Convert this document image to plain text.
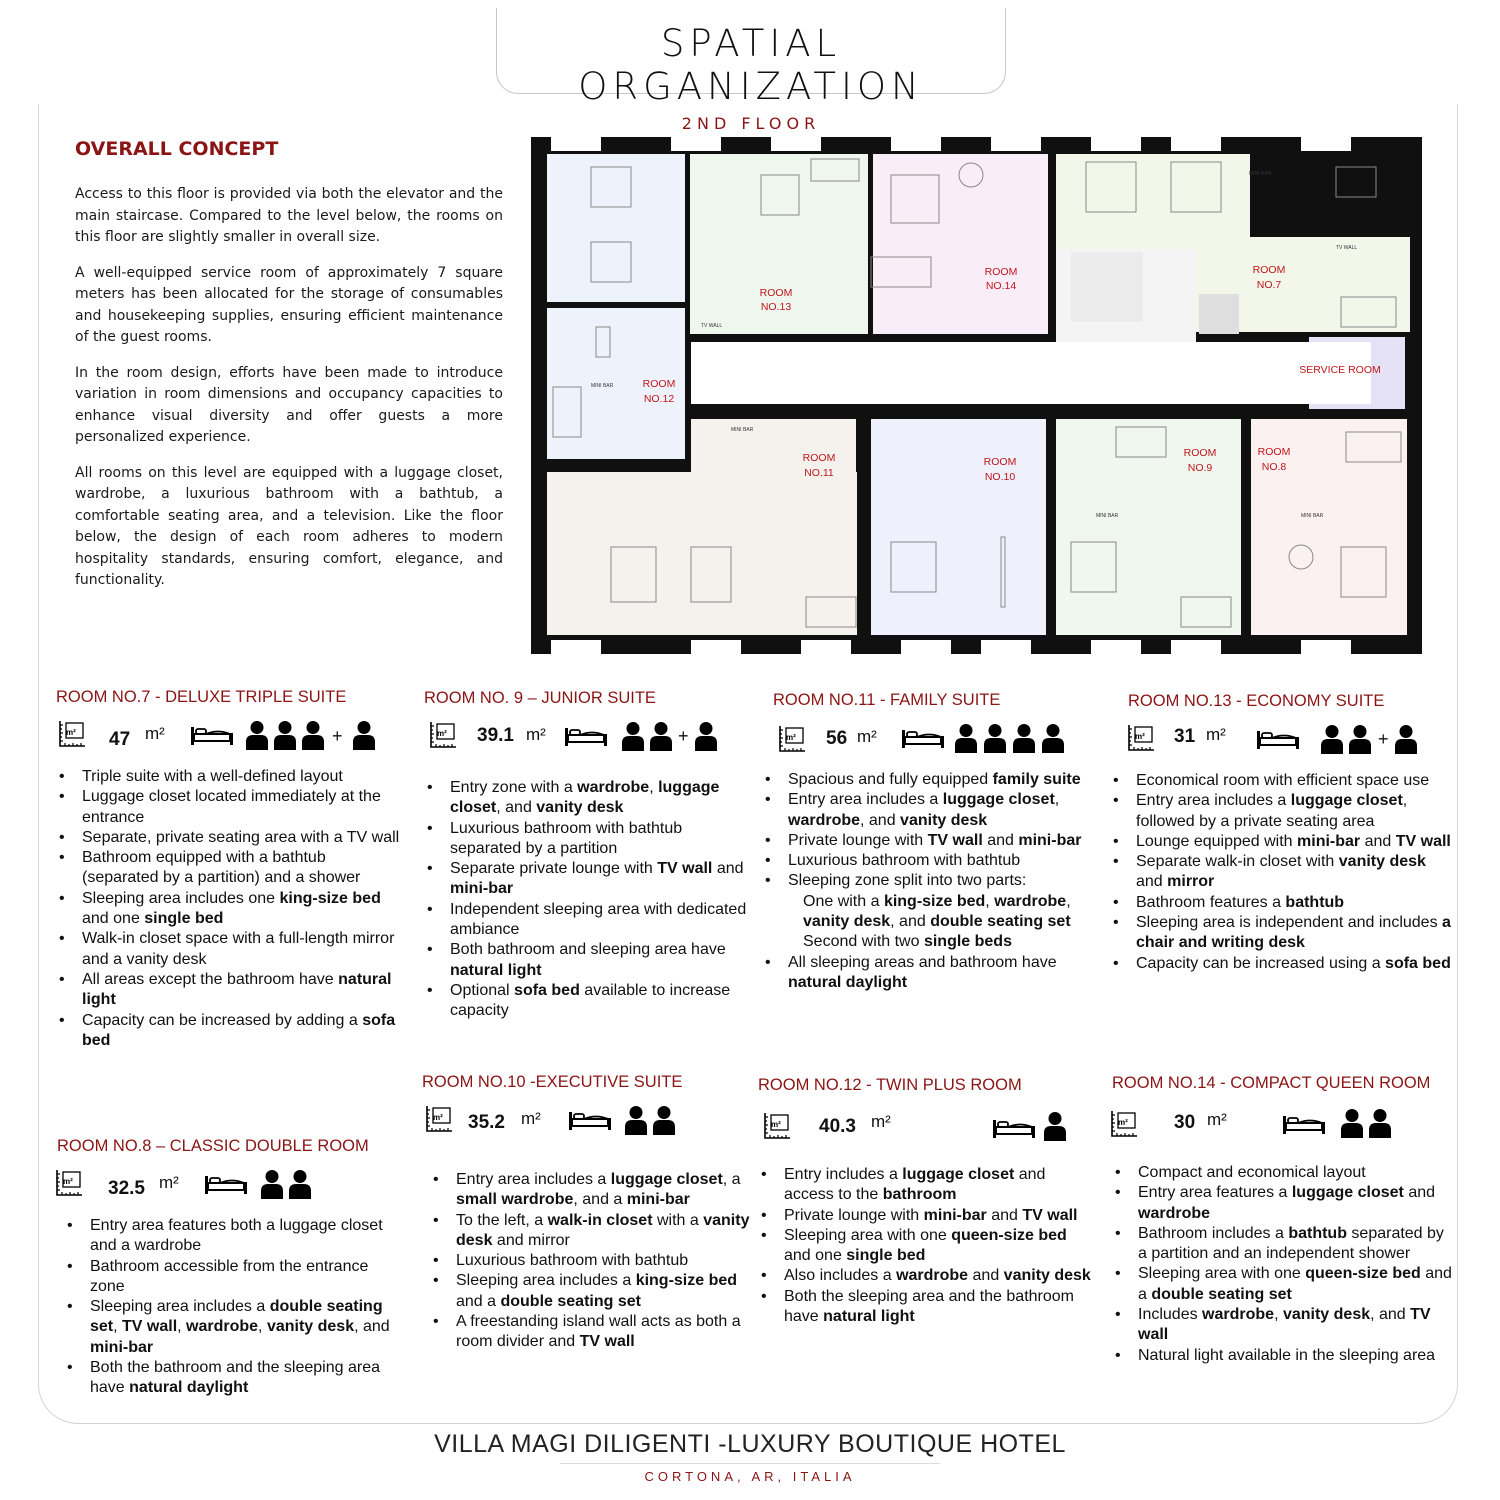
SPATIAL ORGANIZATION
2ND FLOOR
OVERALL CONCEPT

Access to this floor is provided via both the elevator and the main staircase. Compared to the level below, the rooms on this floor are slightly smaller in overall size.

A well-equipped service room of approximately 7 square meters has been allocated for the storage of consumables and housekeeping supplies, ensuring efficient maintenance of the guest rooms.

In the room design, efforts have been made to introduce variation in room dimensions and occupancy capacities to enhance visual diversity and offer guests a more personalized experience.

All rooms on this level are equipped with a luggage closet, wardrobe, a luxurious bathroom with a bathtub, a comfortable seating area, and a television. Like the floor below, the design of each room adheres to modern hospitality standards, ensuring comfort, elegance, and functionality.

ROOM
NO.13
ROOM
NO.14
ROOM
NO.7
ROOM
NO.12
ROOM
NO.11
ROOM
NO.10
ROOM
NO.9
ROOM
NO.8
SERVICE ROOM
MINI BAR
MINI BAR
MINI BAR	MINI BAR
MINI BAR
TV WALL
TV WALL
ROOM NO.7 - DELUXE TRIPLE SUITE
m² 47 m²	+
• Triple suite with a well-defined layout
• Luggage closet located immediately at the entrance
• Separate, private seating area with a TV wall
• Bathroom equipped with a bathtub (separated by a partition) and a shower
• Sleeping area includes one king-size bed and one single bed
• Walk-in closet space with a full-length mirror and a vanity desk
• All areas except the bathroom have natural light
• Capacity can be increased by adding a sofa bed
ROOM NO.8 – CLASSIC DOUBLE ROOM
m² 32.5 m²
• Entry area features both a luggage closet and a wardrobe
• Bathroom accessible from the entrance zone
• Sleeping area includes a double seating set, TV wall, wardrobe, vanity desk, and mini-bar
• Both the bathroom and the sleeping area have natural daylight
ROOM NO. 9 – JUNIOR SUITE
m² 39.1 m²	+
• Entry zone with a wardrobe, luggage closet, and vanity desk
• Luxurious bathroom with bathtub separated by a partition
• Separate private lounge with TV wall and mini-bar
• Independent sleeping area with dedicated ambiance
• Both bathroom and sleeping area have natural light
• Optional sofa bed available to increase capacity
ROOM NO.10 -EXECUTIVE SUITE
m² 35.2 m²
• Entry area includes a luggage closet, a small wardrobe, and a mini-bar
• To the left, a walk-in closet with a vanity desk and mirror
• Luxurious bathroom with bathtub
• Sleeping area includes a king-size bed and a double seating set
• A freestanding island wall acts as both a room divider and TV wall
ROOM NO.11 - FAMILY SUITE
m² 56 m²
• Spacious and fully equipped family suite
• Entry area includes a luggage closet, wardrobe, and vanity desk
• Private lounge with TV wall and mini-bar
• Luxurious bathroom with bathtub
• Sleeping zone split into two parts:
One with a king-size bed, wardrobe, vanity desk, and double seating set
Second with two single beds
• All sleeping areas and bathroom have natural daylight
ROOM NO.12 - TWIN PLUS ROOM
m² 40.3 m²
• Entry includes a luggage closet and access to the bathroom
• Private lounge with mini-bar and TV wall
• Sleeping area with one queen-size bed and one single bed
• Also includes a wardrobe and vanity desk
• Both the sleeping area and the bathroom have natural light
ROOM NO.13 - ECONOMY SUITE
m² 31 m²	+
• Economical room with efficient space use
• Entry area includes a luggage closet, followed by a private seating area
• Lounge equipped with mini-bar and TV wall
• Separate walk-in closet with vanity desk and mirror
• Bathroom features a bathtub
• Sleeping area is independent and includes a chair and writing desk
• Capacity can be increased using a sofa bed
ROOM NO.14 - COMPACT QUEEN ROOM
m² 30 m²
• Compact and economical layout
• Entry area features a luggage closet and wardrobe
• Bathroom includes a bathtub separated by a partition and an independent shower
• Sleeping area with one queen-size bed and a double seating set
• Includes wardrobe, vanity desk, and TV wall
• Natural light available in the sleeping area
VILLA MAGI DILIGENTI -LUXURY BOUTIQUE HOTEL
CORTONA, AR, ITALIA
